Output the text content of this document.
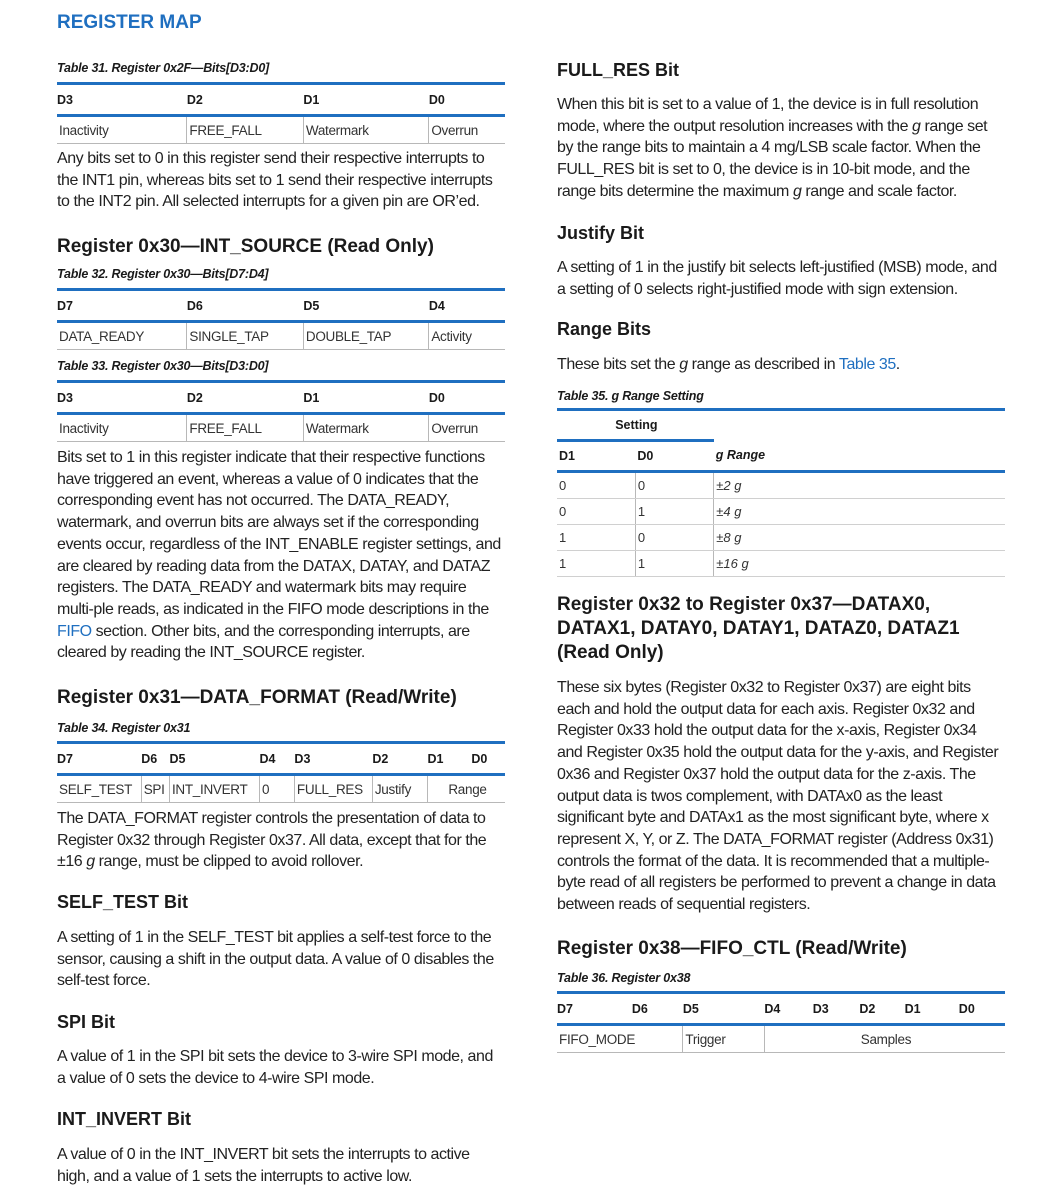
REGISTER MAP
Table 31. Register 0x2F—Bits[D3:D0]
D3	D2	D1	D0
Inactivity	FREE_FALL	Watermark	Overrun
Any bits set to 0 in this register send their respective interrupts to the INT1 pin, whereas bits set to 1 send their respective interrupts to the INT2 pin. All selected interrupts for a given pin are OR’ed.
Register 0x30—INT_SOURCE (Read Only)
Table 32. Register 0x30—Bits[D7:D4]
D7	D6	D5	D4
DATA_READY	SINGLE_TAP	DOUBLE_TAP	Activity
Table 33. Register 0x30—Bits[D3:D0]
D3	D2	D1	D0
Inactivity	FREE_FALL	Watermark	Overrun
Bits set to 1 in this register indicate that their respective functions have triggered an event, whereas a value of 0 indicates that the corresponding event has not occurred. The DATA_READY, watermark, and overrun bits are always set if the corresponding events occur, regardless of the INT_ENABLE register settings, and are cleared by reading data from the DATAX, DATAY, and DATAZ registers. The DATA_READY and watermark bits may require multi-ple reads, as indicated in the FIFO mode descriptions in the FIFO section. Other bits, and the corresponding interrupts, are cleared by reading the INT_SOURCE register.
Register 0x31—DATA_FORMAT (Read/Write)
Table 34. Register 0x31
D7	D6	D5	D4	D3	D2	D1	D0
SELF_TEST	SPI	INT_INVERT	0	FULL_RES	Justify	Range	
The DATA_FORMAT register controls the presentation of data to Register 0x32 through Register 0x37. All data, except that for the ±16 g range, must be clipped to avoid rollover.
SELF_TEST Bit
A setting of 1 in the SELF_TEST bit applies a self-test force to the sensor, causing a shift in the output data. A value of 0 disables the self-test force.
SPI Bit
A value of 1 in the SPI bit sets the device to 3-wire SPI mode, and a value of 0 sets the device to 4-wire SPI mode.
INT_INVERT Bit
A value of 0 in the INT_INVERT bit sets the interrupts to active high, and a value of 1 sets the interrupts to active low.
FULL_RES Bit
When this bit is set to a value of 1, the device is in full resolution mode, where the output resolution increases with the g range set by the range bits to maintain a 4 mg/LSB scale factor. When the FULL_RES bit is set to 0, the device is in 10-bit mode, and the range bits determine the maximum g range and scale factor.
Justify Bit
A setting of 1 in the justify bit selects left-justified (MSB) mode, and a setting of 0 selects right-justified mode with sign extension.
Range Bits
These bits set the g range as described in Table 35.
Table 35. g Range Setting
Setting		
D1	D0	g Range
0	0	±2 g
0	1	±4 g
1	0	±8 g
1	1	±16 g
Register 0x32 to Register 0x37—DATAX0, DATAX1, DATAY0, DATAY1, DATAZ0, DATAZ1 (Read Only)
These six bytes (Register 0x32 to Register 0x37) are eight bits each and hold the output data for each axis. Register 0x32 and Register 0x33 hold the output data for the x-axis, Register 0x34 and Register 0x35 hold the output data for the y-axis, and Register 0x36 and Register 0x37 hold the output data for the z-axis. The output data is twos complement, with DATAx0 as the least significant byte and DATAx1 as the most significant byte, where x represent X, Y, or Z. The DATA_FORMAT register (Address 0x31) controls the format of the data. It is recommended that a multiple-byte read of all registers be performed to prevent a change in data between reads of sequential registers.
Register 0x38—FIFO_CTL (Read/Write)
Table 36. Register 0x38
D7	D6	D5	D4	D3	D2	D1	D0
FIFO_MODE		Trigger	Samples				
